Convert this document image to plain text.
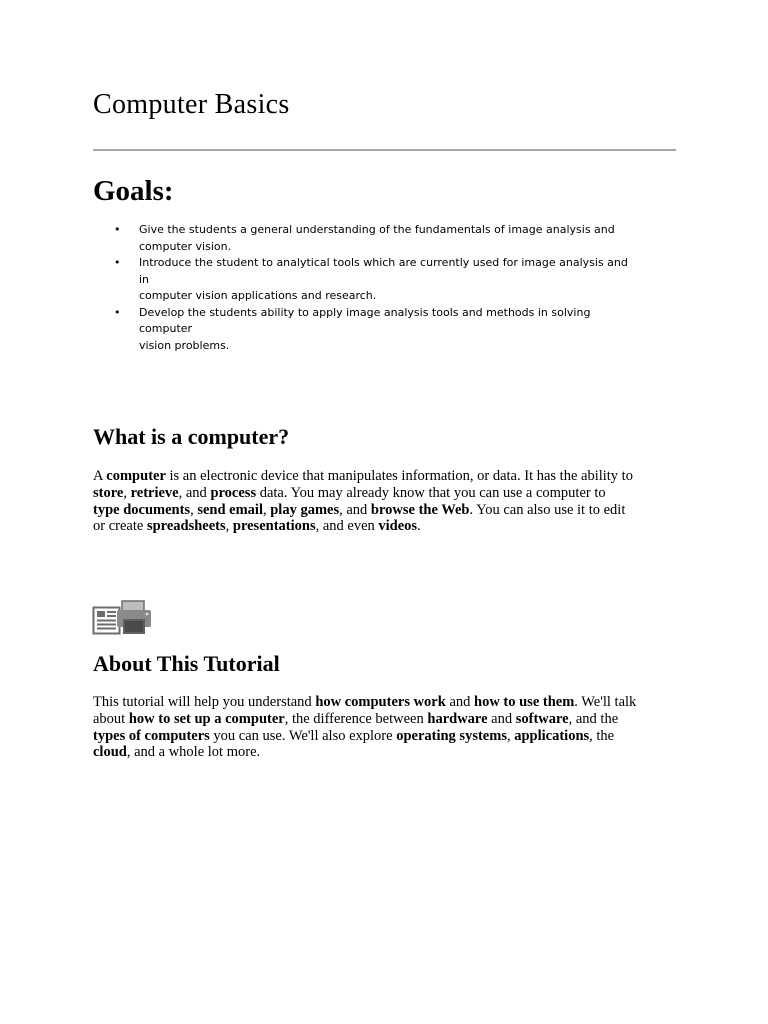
Computer Basics
Goals:
• Give the students a general understanding of the fundamentals of image analysis and
computer vision.
• Introduce the student to analytical tools which are currently used for image analysis and in
computer vision applications and research.
• Develop the students ability to apply image analysis tools and methods in solving computer
vision problems.
What is a computer?

A computer is an electronic device that manipulates information, or data. It has the ability to
store, retrieve, and process data. You may already know that you can use a computer to
type documents, send email, play games, and browse the Web. You can also use it to edit
or create spreadsheets, presentations, and even videos.

About This Tutorial

This tutorial will help you understand how computers work and how to use them. We'll talk
about how to set up a computer, the difference between hardware and software, and the
types of computers you can use. We'll also explore operating systems, applications, the
cloud, and a whole lot more.
